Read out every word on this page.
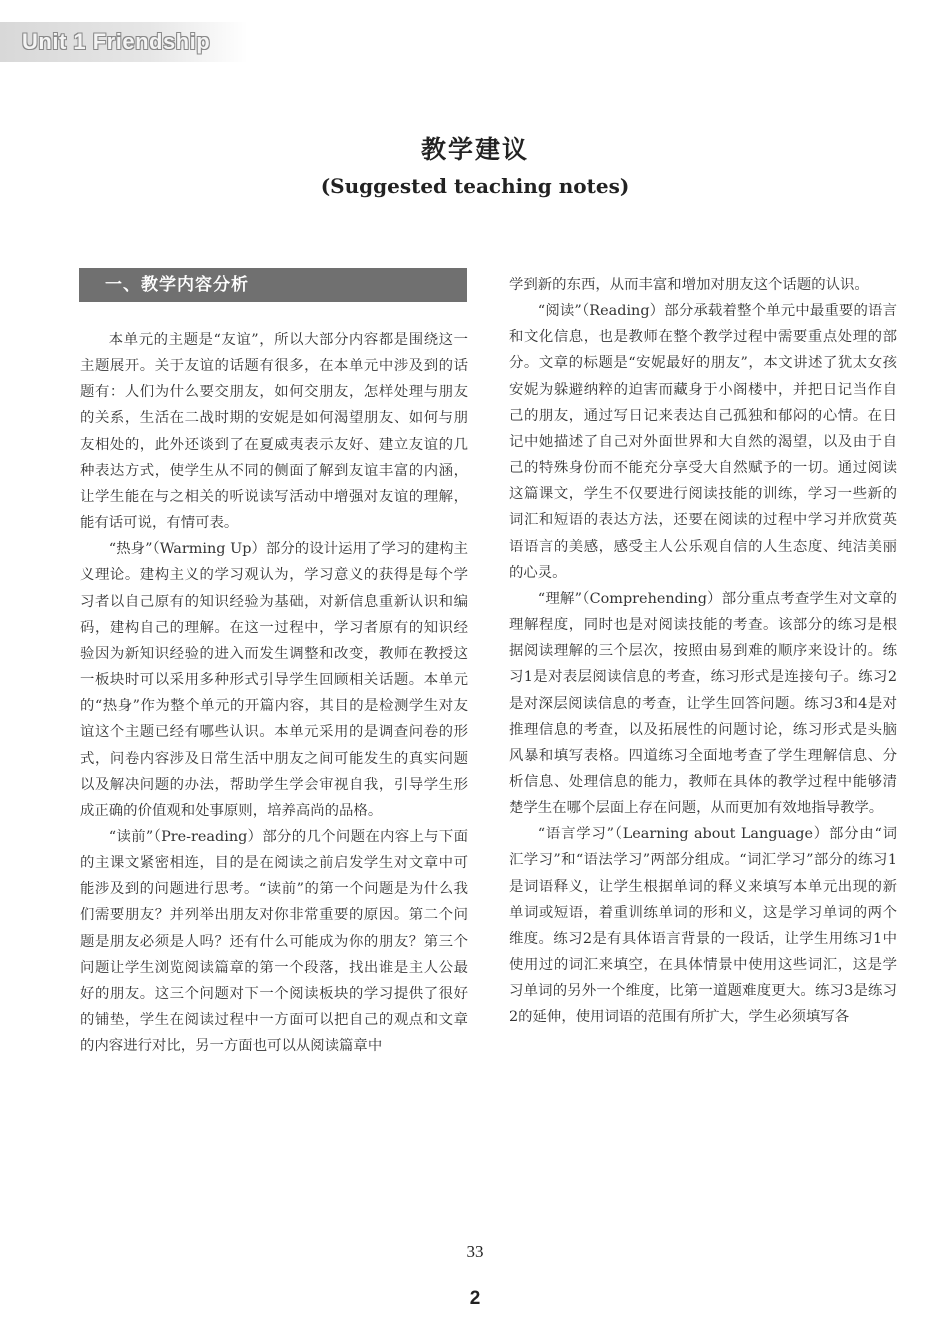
Unit 1 Friendship
教学建议
(Suggested teaching notes)
一、教学内容分析

本单元的主题是“友谊”，所以大部分内容都是围绕这一主题展开。关于友谊的话题有很多，在本单元中涉及到的话题有：人们为什么要交朋友，如何交朋友，怎样处理与朋友的关系，生活在二战时期的安妮是如何渴望朋友、如何与朋友相处的，此外还谈到了在夏威夷表示友好、建立友谊的几种表达方式，使学生从不同的侧面了解到友谊丰富的内涵，让学生能在与之相关的听说读写活动中增强对友谊的理解，能有话可说，有情可表。

“热身”（Warming Up）部分的设计运用了学习的建构主义理论。建构主义的学习观认为，学习意义的获得是每个学习者以自己原有的知识经验为基础，对新信息重新认识和编码，建构自己的理解。在这一过程中，学习者原有的知识经验因为新知识经验的进入而发生调整和改变，教师在教授这一板块时可以采用多种形式引导学生回顾相关话题。本单元的“热身”作为整个单元的开篇内容，其目的是检测学生对友谊这个主题已经有哪些认识。本单元采用的是调查问卷的形式，问卷内容涉及日常生活中朋友之间可能发生的真实问题以及解决问题的办法，帮助学生学会审视自我，引导学生形成正确的价值观和处事原则，培养高尚的品格。

“读前”（Pre-reading）部分的几个问题在内容上与下面的主课文紧密相连，目的是在阅读之前启发学生对文章中可能涉及到的问题进行思考。“读前”的第一个问题是为什么我们需要朋友？并列举出朋友对你非常重要的原因。第二个问题是朋友必须是人吗？还有什么可能成为你的朋友？第三个问题让学生浏览阅读篇章的第一个段落，找出谁是主人公最好的朋友。这三个问题对下一个阅读板块的学习提供了很好的铺垫，学生在阅读过程中一方面可以把自己的观点和文章的内容进行对比，另一方面也可以从阅读篇章中

学到新的东西，从而丰富和增加对朋友这个话题的认识。

“阅读”（Reading）部分承载着整个单元中最重要的语言和文化信息，也是教师在整个教学过程中需要重点处理的部分。文章的标题是“安妮最好的朋友”，本文讲述了犹太女孩安妮为躲避纳粹的迫害而藏身于小阁楼中，并把日记当作自己的朋友，通过写日记来表达自己孤独和郁闷的心情。在日记中她描述了自己对外面世界和大自然的渴望，以及由于自己的特殊身份而不能充分享受大自然赋予的一切。通过阅读这篇课文，学生不仅要进行阅读技能的训练，学习一些新的词汇和短语的表达方法，还要在阅读的过程中学习并欣赏英语语言的美感，感受主人公乐观自信的人生态度、纯洁美丽的心灵。

“理解”（Comprehending）部分重点考查学生对文章的理解程度，同时也是对阅读技能的考查。该部分的练习是根据阅读理解的三个层次，按照由易到难的顺序来设计的。练习1是对表层阅读信息的考查，练习形式是连接句子。练习2是对深层阅读信息的考查，让学生回答问题。练习3和4是对推理信息的考查，以及拓展性的问题讨论，练习形式是头脑风暴和填写表格。四道练习全面地考查了学生理解信息、分析信息、处理信息的能力，教师在具体的教学过程中能够清楚学生在哪个层面上存在问题，从而更加有效地指导教学。

“语言学习”（Learning about Language）部分由“词汇学习”和“语法学习”两部分组成。“词汇学习”部分的练习1是词语释义，让学生根据单词的释义来填写本单元出现的新单词或短语，着重训练单词的形和义，这是学习单词的两个维度。练习2是有具体语言背景的一段话，让学生用练习1中使用过的词汇来填空，在具体情景中使用这些词汇，这是学习单词的另外一个维度，比第一道题难度更大。练习3是练习2的延伸，使用词语的范围有所扩大，学生必须填写各

33
2
